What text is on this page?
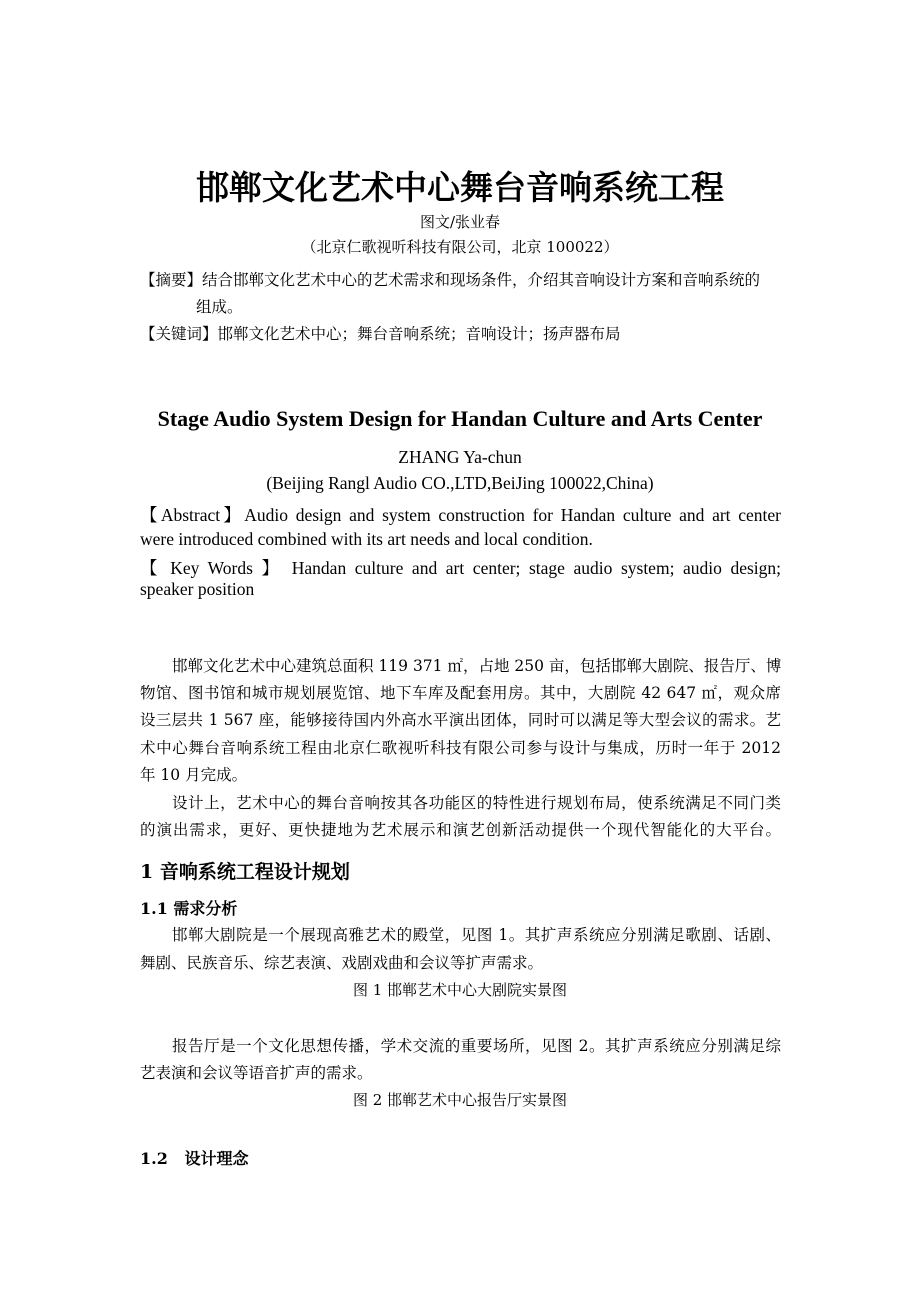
邯郸文化艺术中心舞台音响系统工程
图文/张业春
（北京仁歌视听科技有限公司，北京 100022）
【摘要】结合邯郸文化艺术中心的艺术需求和现场条件，介绍其音响设计方案和音响系统的
组成。
【关键词】邯郸文化艺术中心；舞台音响系统；音响设计；扬声器布局
Stage Audio System Design for Handan Culture and Arts Center
ZHANG Ya-chun
(Beijing Rangl Audio CO.,LTD,BeiJing 100022,China)
【Abstract】Audio design and system construction for Handan culture and art center
were introduced combined with its art needs and local condition.
【 Key Words 】 Handan culture and art center; stage audio system; audio design;
speaker position
邯郸文化艺术中心建筑总面积 119 371 ㎡，占地 250 亩，包括邯郸大剧院、报告厅、博
物馆、图书馆和城市规划展览馆、地下车库及配套用房。其中，大剧院 42 647 ㎡，观众席
设三层共 1 567 座，能够接待国内外高水平演出团体，同时可以满足等大型会议的需求。艺
术中心舞台音响系统工程由北京仁歌视听科技有限公司参与设计与集成，历时一年于 2012
年 10 月完成。
设计上，艺术中心的舞台音响按其各功能区的特性进行规划布局，使系统满足不同门类
的演出需求，更好、更快捷地为艺术展示和演艺创新活动提供一个现代智能化的大平台。
1 音响系统工程设计规划
1.1 需求分析
邯郸大剧院是一个展现高雅艺术的殿堂，见图 1。其扩声系统应分别满足歌剧、话剧、
舞剧、民族音乐、综艺表演、戏剧戏曲和会议等扩声需求。
图 1 邯郸艺术中心大剧院实景图
报告厅是一个文化思想传播，学术交流的重要场所，见图 2。其扩声系统应分别满足综
艺表演和会议等语音扩声的需求。
图 2 邯郸艺术中心报告厅实景图
1.2   设计理念
